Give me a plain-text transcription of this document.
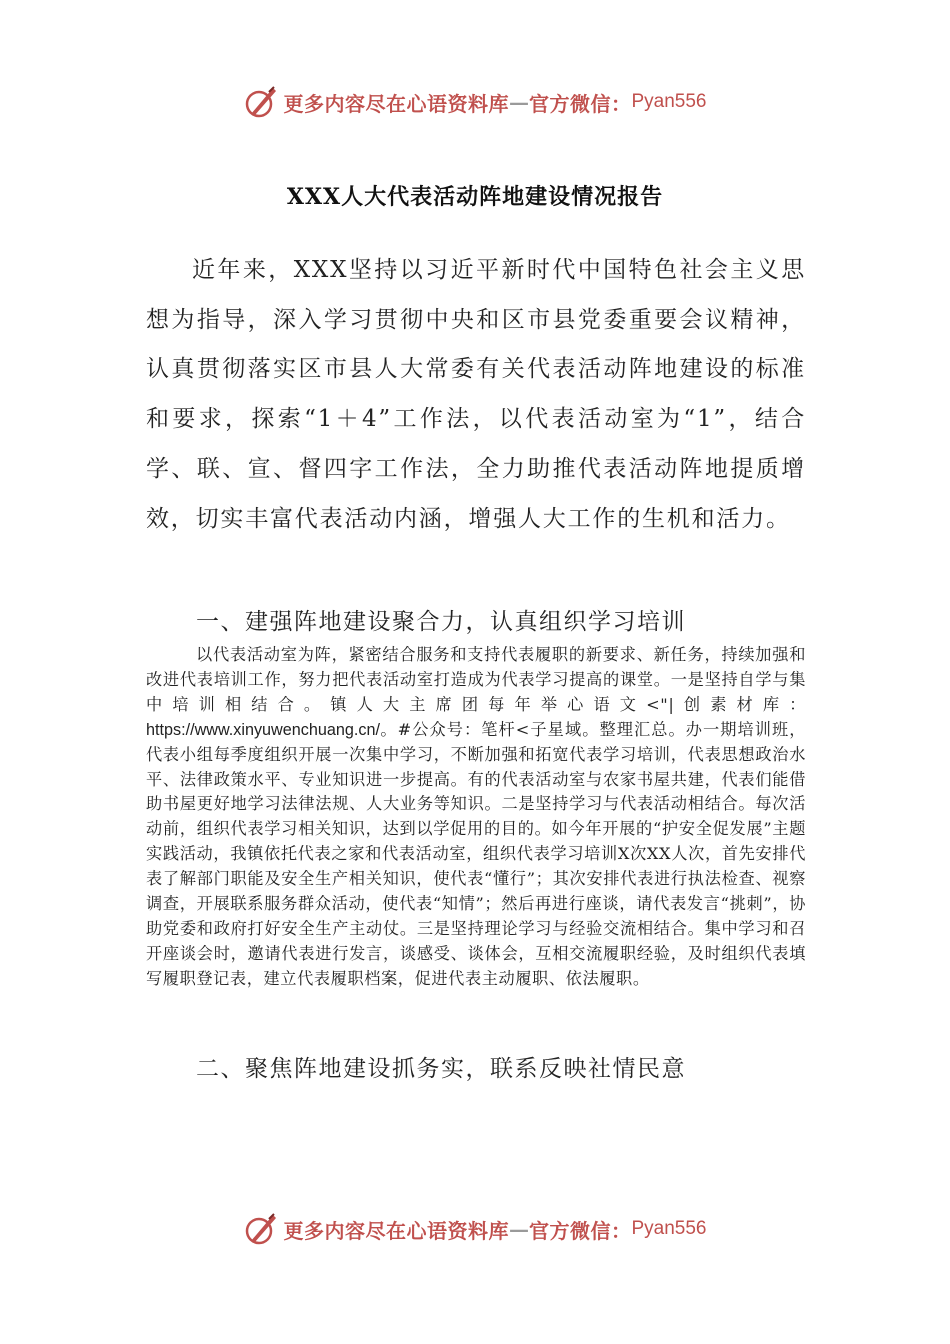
更多内容尽在心语资料库 — 官方微信： Pyan556
XXX人大代表活动阵地建设情况报告

近年来，XXX坚持以习近平新时代中国特色社会主义思想为指导，深入学习贯彻中央和区市县党委重要会议精神，认真贯彻落实区市县人大常委有关代表活动阵地建设的标准和要求，探索“1＋4”工作法，以代表活动室为“1”，结合学、联、宣、督四字工作法，全力助推代表活动阵地提质增效，切实丰富代表活动内涵，增强人大工作的生机和活力。

一、建强阵地建设聚合力，认真组织学习培训

以代表活动室为阵，紧密结合服务和支持代表履职的新要求、新任务，持续加强和改进代表培训工作，努力把代表活动室打造成为代表学习提高的课堂。一是坚持自学与集中培训相结合。镇人大主席团每年举心语文<"|创素材库：https://www.xinyuwenchuang.cn/。#公众号：笔杆<子星域。整理汇总。办一期培训班，代表小组每季度组织开展一次集中学习，不断加强和拓宽代表学习培训，代表思想政治水平、法律政策水平、专业知识进一步提高。有的代表活动室与农家书屋共建，代表们能借助书屋更好地学习法律法规、人大业务等知识。二是坚持学习与代表活动相结合。每次活动前，组织代表学习相关知识，达到以学促用的目的。如今年开展的“护安全促发展”主题实践活动，我镇依托代表之家和代表活动室，组织代表学习培训X次XX人次，首先安排代表了解部门职能及安全生产相关知识，使代表“懂行”；其次安排代表进行执法检查、视察调查，开展联系服务群众活动，使代表“知情”；然后再进行座谈，请代表发言“挑刺”，协助党委和政府打好安全生产主动仗。三是坚持理论学习与经验交流相结合。集中学习和召开座谈会时，邀请代表进行发言，谈感受、谈体会，互相交流履职经验，及时组织代表填写履职登记表，建立代表履职档案，促进代表主动履职、依法履职。

二、聚焦阵地建设抓务实，联系反映社情民意

更多内容尽在心语资料库 — 官方微信： Pyan556
